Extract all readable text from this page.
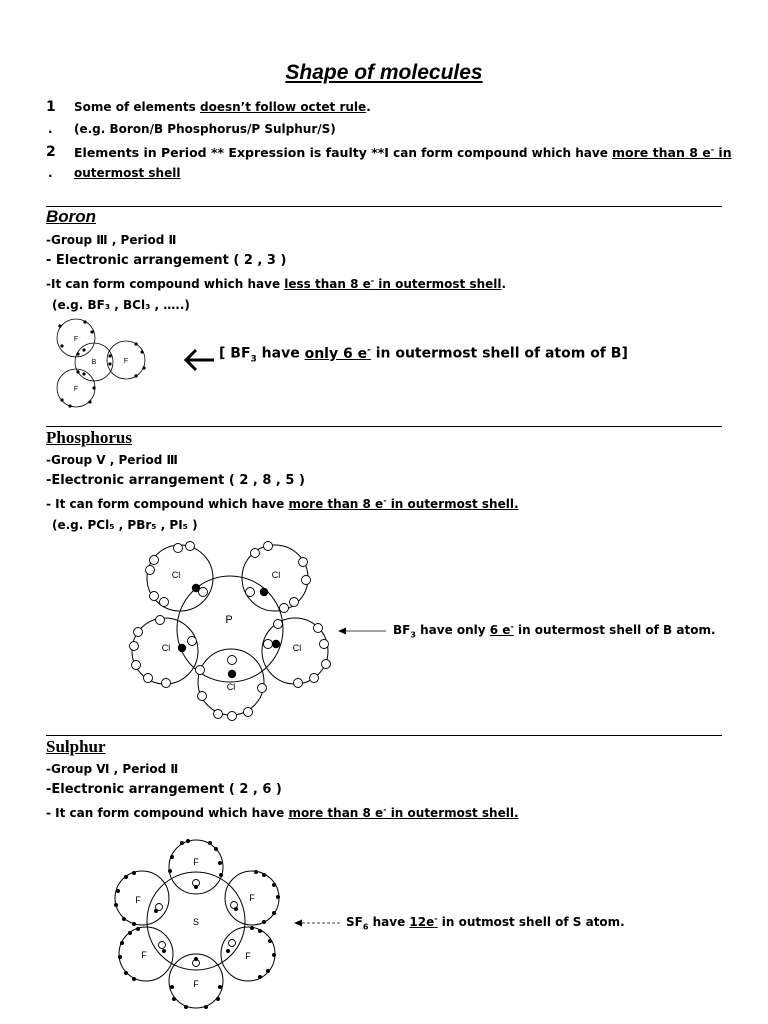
Shape of molecules
1 Some of elements doesn’t follow octet rule.
. (e.g. Boron/B Phosphorus/P Sulphur/S)
2 Elements in Period ** Expression is faulty **I can form compound which have more than 8 e- in
. outermost shell
Boron
-Group Ⅲ , Period Ⅱ
- Electronic arrangement ( 2 , 3 )
-It can form compound which have less than 8 e- in outermost shell.
(e.g. BF₃ , BCl₃ , …..)
F
B	F
F
[ $BF_3$ have only 6 e- in outermost shell of atom of B]
Phosphorus
-Group Ⅴ , Period Ⅲ
-Electronic arrangement ( 2 , 8 , 5 )
- It can form compound which have more than 8 e- in outermost shell.
(e.g. PCl₅ , PBr₅ , PI₅ )
P
Cl	Cl
Cl	Cl
Cl
$BF_3$ have only 6 e- in outermost shell of B atom.
Sulphur
-Group Ⅵ , Period Ⅱ
-Electronic arrangement ( 2 , 6 )
- It can form compound which have more than 8 e- in outermost shell.
S
F
F	F
F	F
F
$SF_6$ have 12e- in outmost shell of S atom.
